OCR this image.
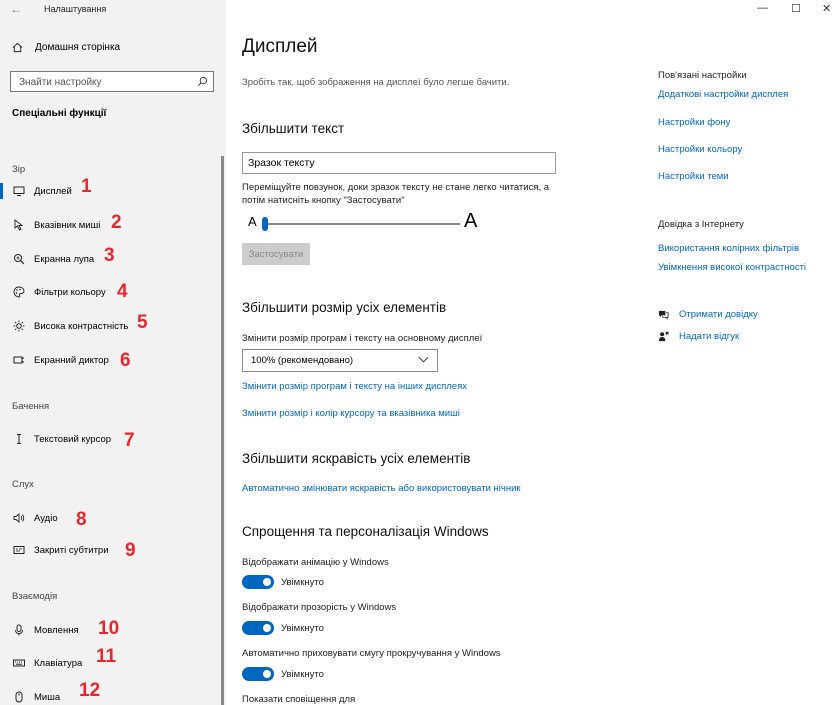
← Налаштування
Домашня сторінка
Знайти настройку
Спеціальні функції
Зір
Дисплей
Вказівник миші
Екранна лупа
Фільтри кольору
Висока контрастність
Екранний диктор
Бачення
Текстовий курсор
Слух
Аудіо
Закриті субтитри
Взаємодія
Мовлення
Клавіатура
Миша
1
2
3
4
5
6
7
8
9
10
11
12
— ☐ ✕
Дисплей
Зробіть так, щоб зображення на дисплеї було легше бачити.
Збільшити текст
Зразок тексту
Переміщуйте повзунок, доки зразок тексту не стане легко читатися, а
потім натисніть кнопку "Застосувати"
A	A
Застосувати
Збільшити розмір усіх елементів
Змінити розмір програм і тексту на основному дисплеї
100% (рекомендовано)
Змінити розмір програм і тексту на інших дисплеях
Змінити розмір і колір курсору та вказівника миші
Збільшити яскравість усіх елементів
Автоматично змінювати яскравість або використовувати нічник
Спрощення та персоналізація Windows
Відображати анімацію у Windows
Увімкнуто
Відображати прозорість у Windows
Увімкнуто
Автоматично приховувати смугу прокручування у Windows
Увімкнуто
Показати сповіщення для
Пов'язані настройки
Додаткові настройки дисплея
Настройки фону
Настройки кольору
Настройки теми
Довідка з Інтернету
Використання колірних фільтрів
Увімкнення високої контрастності
Отримати довідку
Надати відгук
